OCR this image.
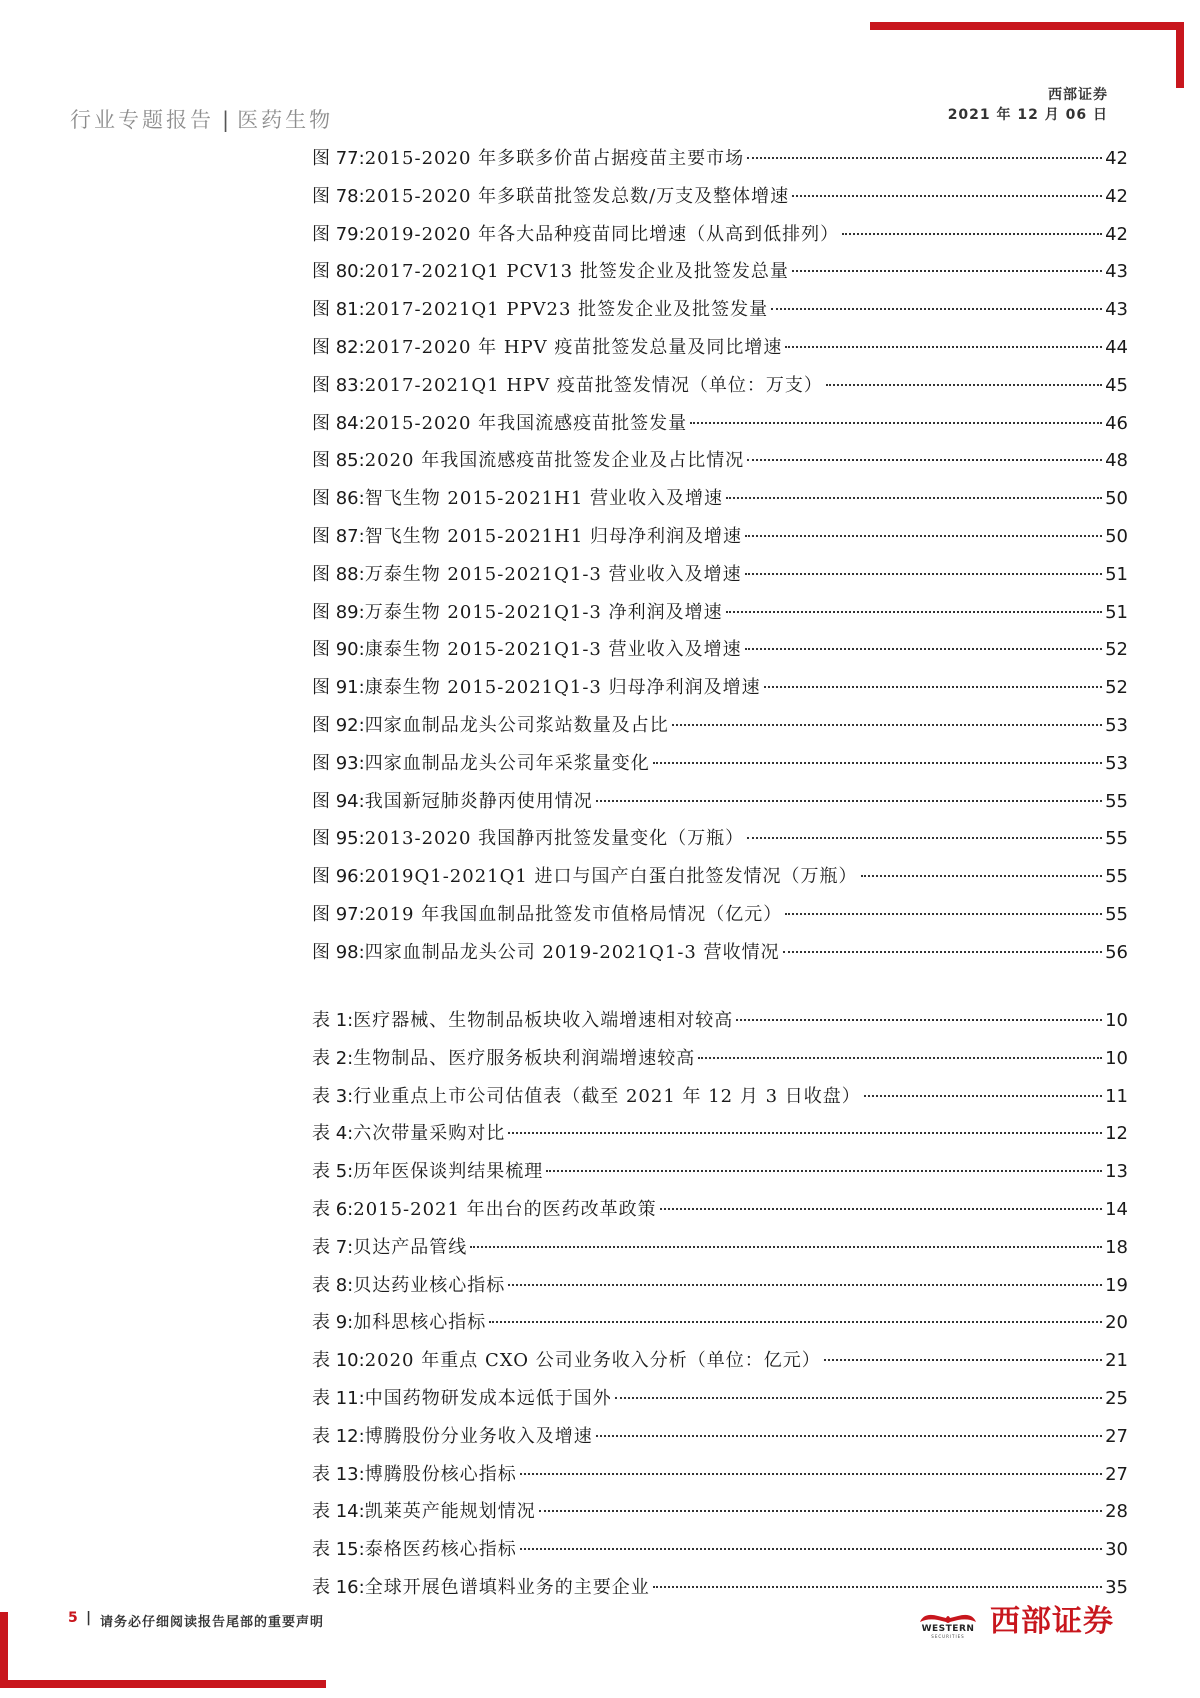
行业专题报告 | 医药生物
西部证券
2021 年 12 月 06 日
图 77: 2015-2020 年多联多价苗占据疫苗主要市场	42
图 78: 2015-2020 年多联苗批签发总数/万支及整体增速	42
图 79: 2019-2020 年各大品种疫苗同比增速（从高到低排列）	42
图 80: 2017-2021Q1 PCV13 批签发企业及批签发总量	43
图 81: 2017-2021Q1 PPV23 批签发企业及批签发量	43
图 82: 2017-2020 年 HPV 疫苗批签发总量及同比增速	44
图 83: 2017-2021Q1 HPV 疫苗批签发情况（单位：万支）	45
图 84: 2015-2020 年我国流感疫苗批签发量	46
图 85: 2020 年我国流感疫苗批签发企业及占比情况	48
图 86: 智飞生物 2015-2021H1 营业收入及增速	50
图 87: 智飞生物 2015-2021H1 归母净利润及增速	50
图 88: 万泰生物 2015-2021Q1-3 营业收入及增速	51
图 89: 万泰生物 2015-2021Q1-3 净利润及增速	51
图 90: 康泰生物 2015-2021Q1-3 营业收入及增速	52
图 91: 康泰生物 2015-2021Q1-3 归母净利润及增速	52
图 92: 四家血制品龙头公司浆站数量及占比	53
图 93: 四家血制品龙头公司年采浆量变化	53
图 94: 我国新冠肺炎静丙使用情况	55
图 95: 2013-2020 我国静丙批签发量变化（万瓶）	55
图 96: 2019Q1-2021Q1 进口与国产白蛋白批签发情况（万瓶）	55
图 97: 2019 年我国血制品批签发市值格局情况（亿元）	55
图 98: 四家血制品龙头公司 2019-2021Q1-3 营收情况	56
表 1: 医疗器械、生物制品板块收入端增速相对较高	10
表 2: 生物制品、医疗服务板块利润端增速较高	10
表 3: 行业重点上市公司估值表（截至 2021 年 12 月 3 日收盘）	11
表 4: 六次带量采购对比	12
表 5: 历年医保谈判结果梳理	13
表 6: 2015-2021 年出台的医药改革政策	14
表 7: 贝达产品管线	18
表 8: 贝达药业核心指标	19
表 9: 加科思核心指标	20
表 10: 2020 年重点 CXO 公司业务收入分析（单位：亿元）	21
表 11: 中国药物研发成本远低于国外	25
表 12: 博腾股份分业务收入及增速	27
表 13: 博腾股份核心指标	27
表 14: 凯莱英产能规划情况	28
表 15: 泰格医药核心指标	30
表 16: 全球开展色谱填料业务的主要企业	35
5 | 请务必仔细阅读报告尾部的重要声明	WESTERN
SECURITIES 西部证券
